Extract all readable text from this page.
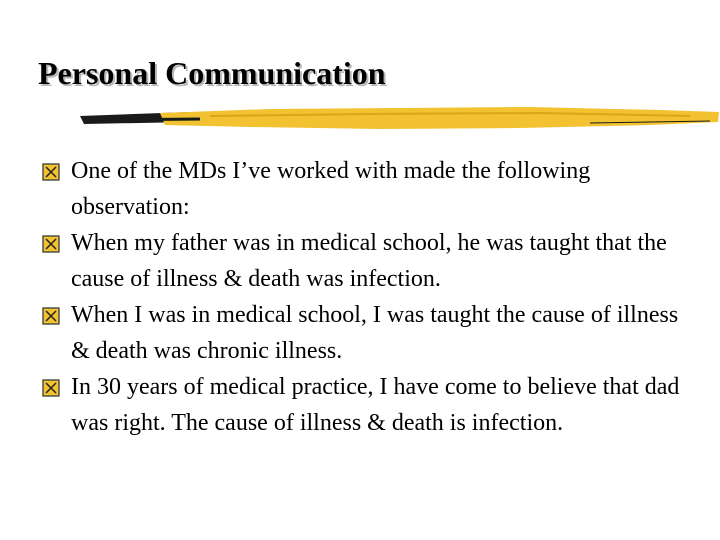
Personal Communication
One of the MDs I’ve worked with made the following observation:
When my father was in medical school, he was taught that the cause of illness & death was infection.
When I was in medical school, I was taught the cause of illness & death was chronic illness.
In 30 years of medical practice, I have come to believe that dad was right. The cause of illness & death is infection.
